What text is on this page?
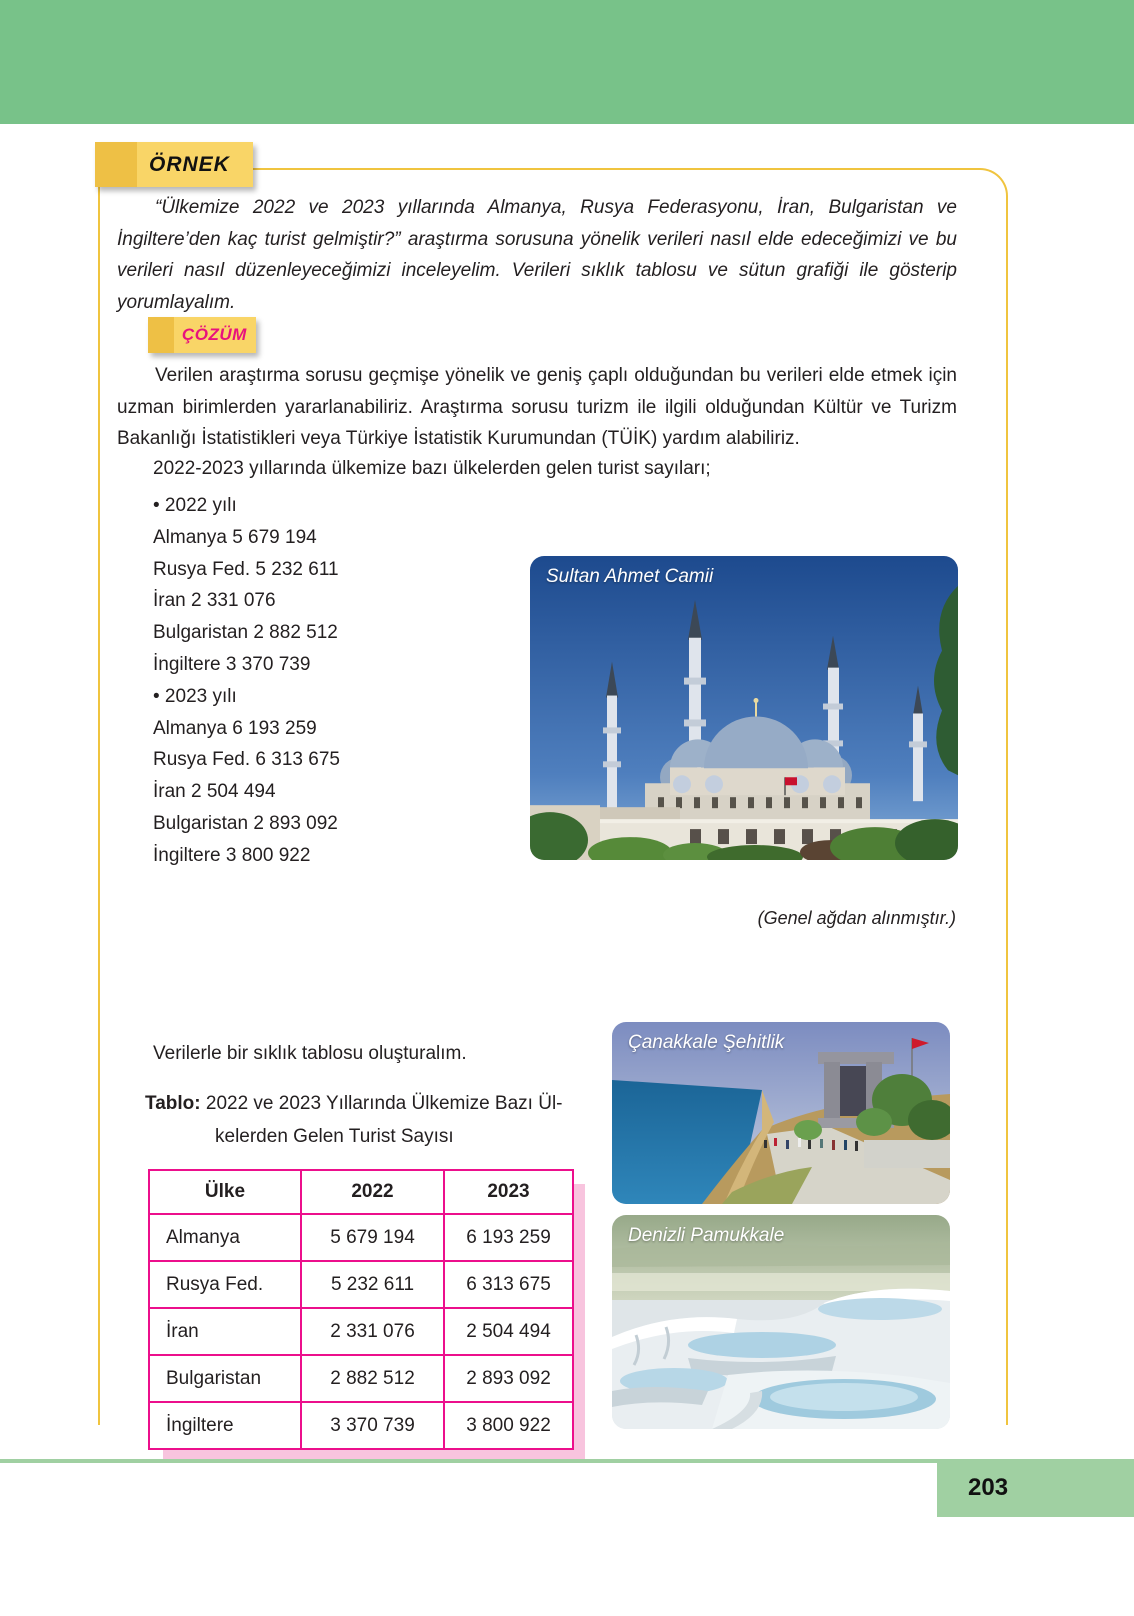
ÖRNEK

“Ülkemize 2022 ve 2023 yıllarında Almanya, Rusya Federasyonu, İran, Bulgaristan ve İngiltere’den kaç turist gelmiştir?” araştırma sorusuna yönelik verileri nasıl elde edeceğimizi ve bu verileri nasıl düzenleyeceğimizi inceleyelim. Verileri sıklık tablosu ve sütun grafiği ile gösterip yorumlayalım.

ÇÖZÜM

Verilen araştırma sorusu geçmişe yönelik ve geniş çaplı olduğundan bu verileri elde etmek için uzman birimlerden yararlanabiliriz. Araştırma sorusu turizm ile ilgili olduğundan Kültür ve Turizm Bakanlığı İstatistikleri veya Türkiye İstatistik Kurumundan (TÜİK) yardım alabiliriz.

2022-2023 yıllarında ülkemize bazı ülkelerden gelen turist sayıları;
• 2022 yılı
Almanya 5 679 194
Rusya Fed. 5 232 611
İran 2 331 076
Bulgaristan 2 882 512
İngiltere 3 370 739
• 2023 yılı
Almanya 6 193 259
Rusya Fed. 6 313 675
İran 2 504 494
Bulgaristan 2 893 092
İngiltere 3 800 922
Sultan Ahmet Camii

(Genel ağdan alınmıştır.)

Verilerle bir sıklık tablosu oluşturalım.
Tablo: 2022 ve 2023 Yıllarında Ülkemize Bazı Ül-
kelerden Gelen Turist Sayısı
Ülke	2022	2023
Almanya	5 679 194	6 193 259
Rusya Fed.	5 232 611	6 313 675
İran	2 331 076	2 504 494
Bulgaristan	2 882 512	2 893 092
İngiltere	3 370 739	3 800 922
Çanakkale Şehitlik
Denizli Pamukkale
203
